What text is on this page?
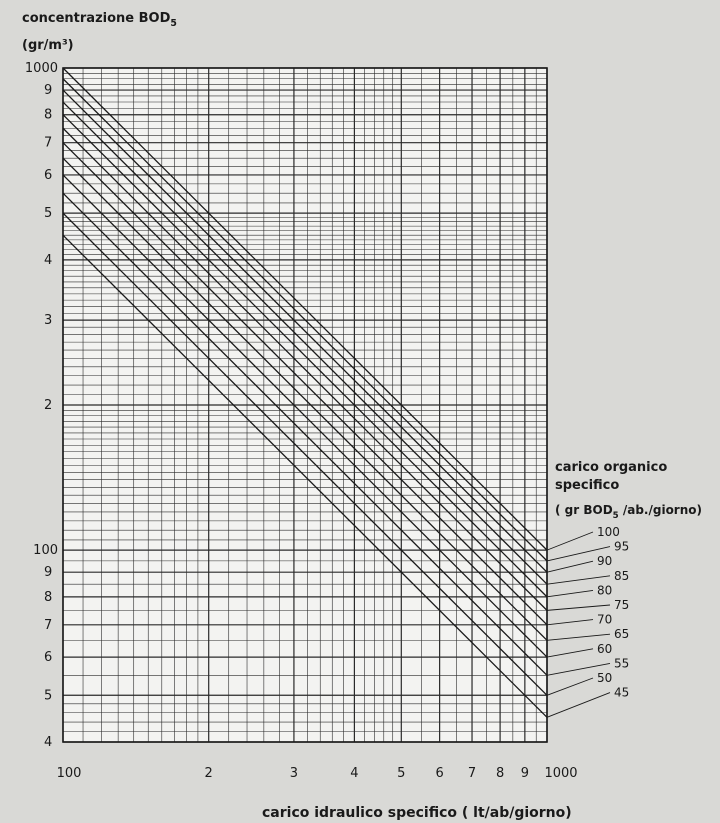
1000
9
8
7
6
5
4
3
2
100
9
8
7
6
5
4
100	2	3	4	5 6 7 8 9 1000
100
95
90
85
80
75
70
65
60
55
50
45
concentrazione $BOD_5$
(gr/m³)
carico organico
specifico
( gr $BOD_5$ /ab./giorno)
carico idraulico specifico ( lt/ab/giorno)
